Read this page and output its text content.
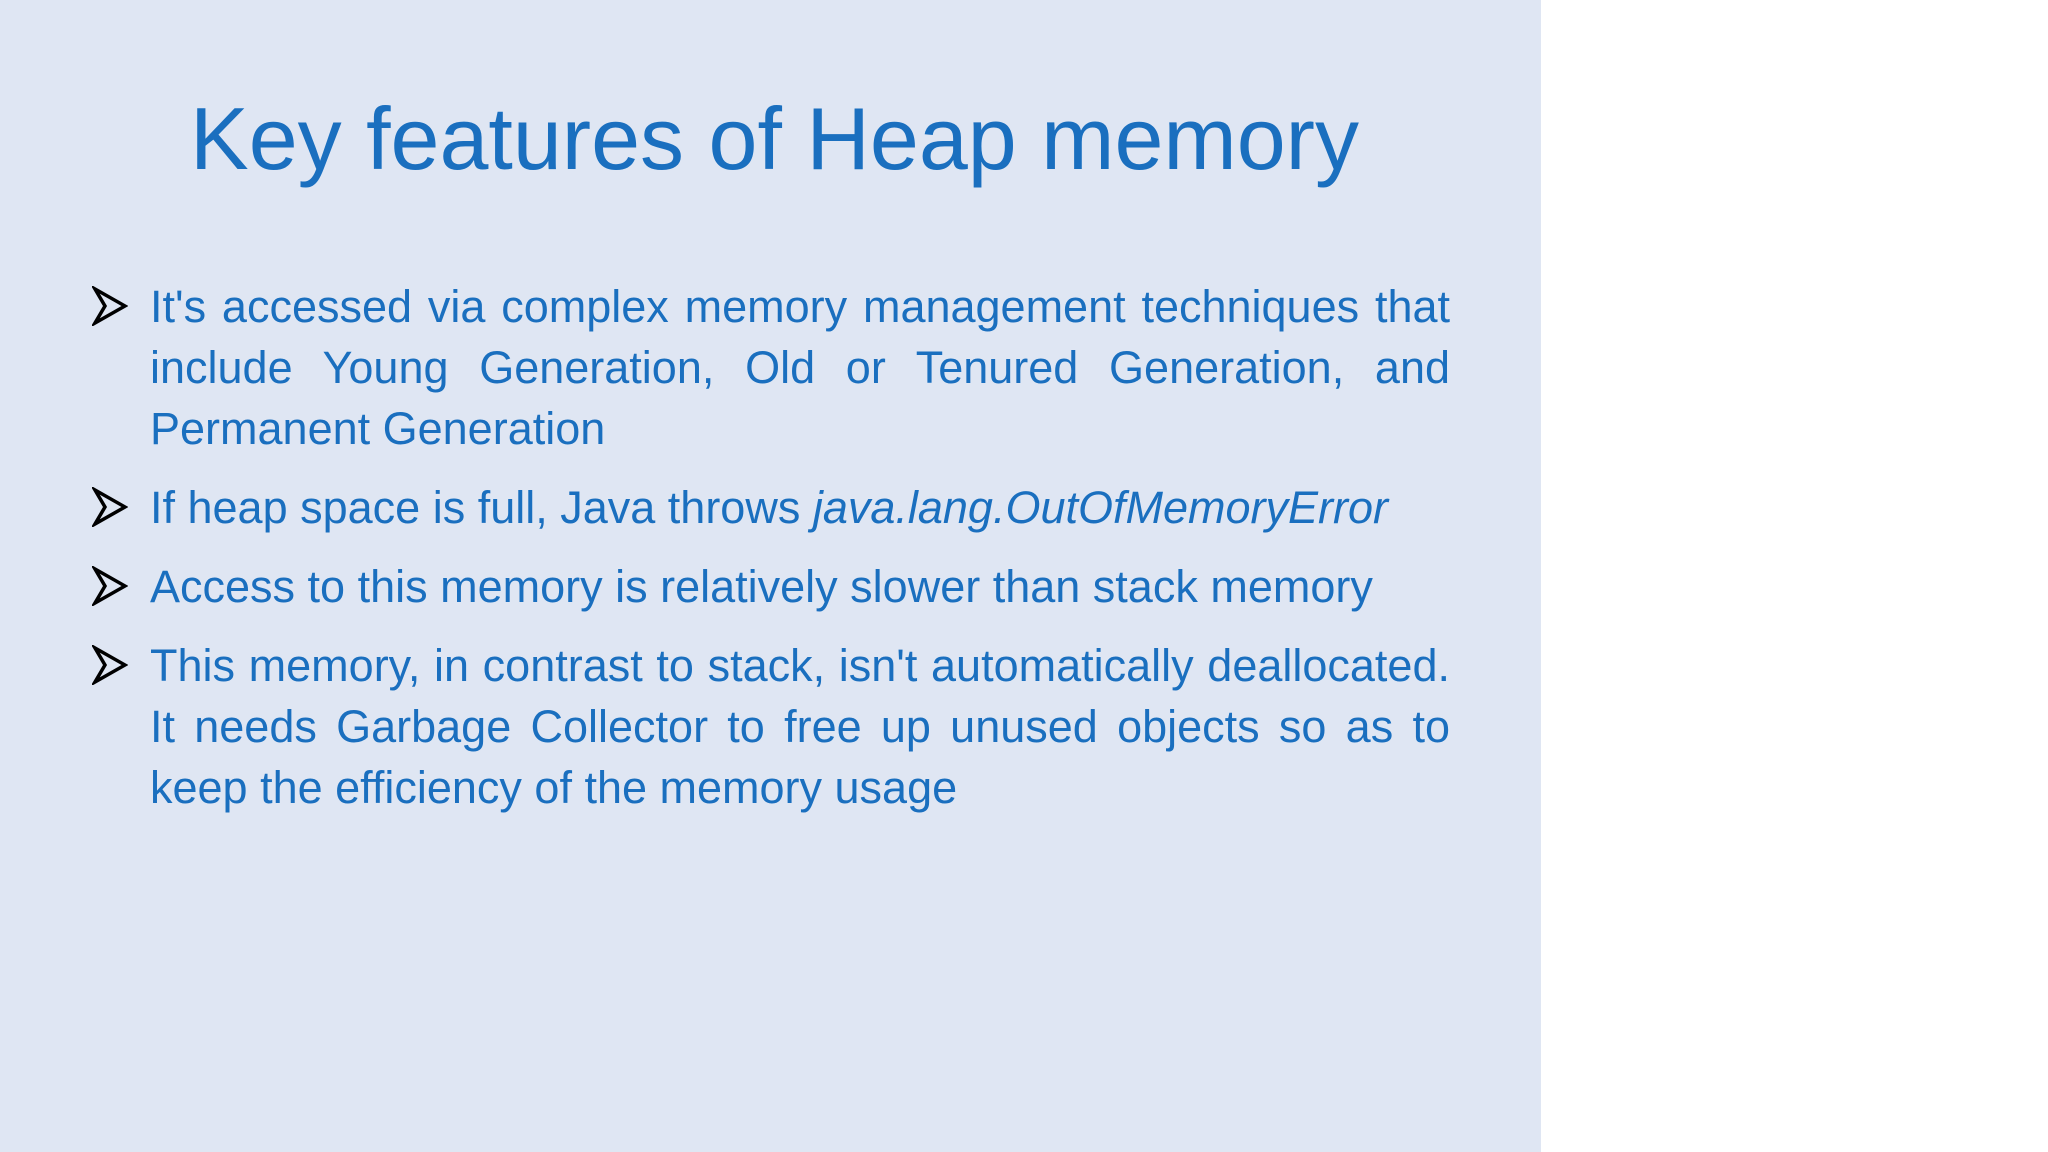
Key features of Heap memory
It's accessed via complex memory management techniques that include Young Generation, Old or Tenured Generation, and Permanent Generation
If heap space is full, Java throws java.lang.OutOfMemoryError
Access to this memory is relatively slower than stack memory
This memory, in contrast to stack, isn't automatically deallocated. It needs Garbage Collector to free up unused objects so as to keep the efficiency of the memory usage
